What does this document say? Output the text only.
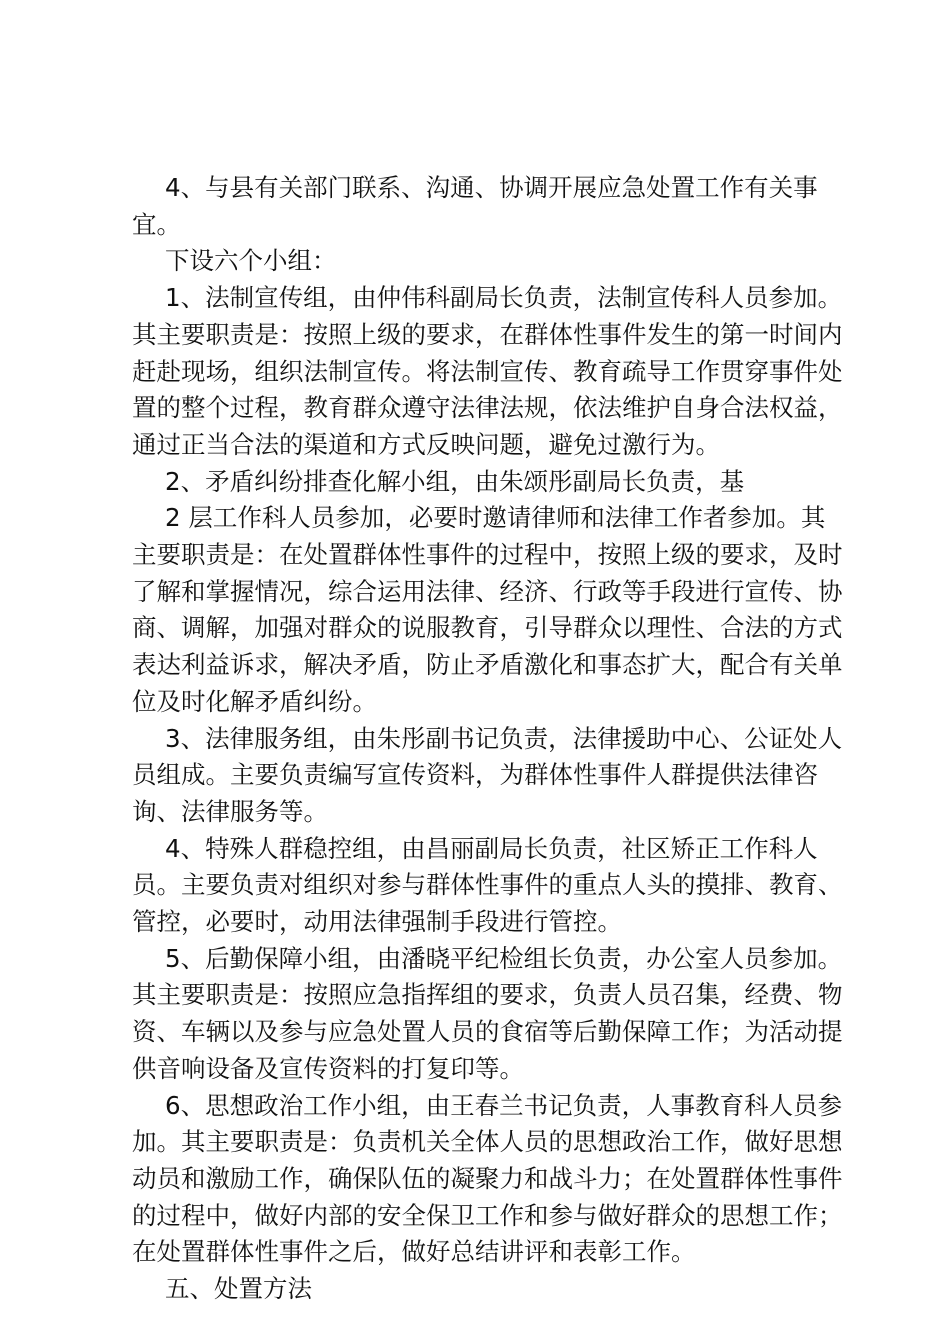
4、与县有关部门联系、沟通、协调开展应急处置工作有关事宜。

下设六个小组：

1、法制宣传组，由仲伟科副局长负责，法制宣传科人员参加。其主要职责是：按照上级的要求，在群体性事件发生的第一时间内赶赴现场，组织法制宣传。将法制宣传、教育疏导工作贯穿事件处置的整个过程，教育群众遵守法律法规，依法维护自身合法权益，通过正当合法的渠道和方式反映问题，避免过激行为。

2、矛盾纠纷排查化解小组，由朱颂彤副局长负责，基

2 层工作科人员参加，必要时邀请律师和法律工作者参加。其主要职责是：在处置群体性事件的过程中，按照上级的要求，及时了解和掌握情况，综合运用法律、经济、行政等手段进行宣传、协商、调解，加强对群众的说服教育，引导群众以理性、合法的方式表达利益诉求，解决矛盾，防止矛盾激化和事态扩大，配合有关单位及时化解矛盾纠纷。

3、法律服务组，由朱彤副书记负责，法律援助中心、公证处人员组成。主要负责编写宣传资料，为群体性事件人群提供法律咨询、法律服务等。

4、特殊人群稳控组，由昌丽副局长负责，社区矫正工作科人员。主要负责对组织对参与群体性事件的重点人头的摸排、教育、管控，必要时，动用法律强制手段进行管控。

5、后勤保障小组，由潘晓平纪检组长负责，办公室人员参加。其主要职责是：按照应急指挥组的要求，负责人员召集，经费、物资、车辆以及参与应急处置人员的食宿等后勤保障工作；为活动提供音响设备及宣传资料的打复印等。

6、思想政治工作小组，由王春兰书记负责，人事教育科人员参加。其主要职责是：负责机关全体人员的思想政治工作，做好思想动员和激励工作，确保队伍的凝聚力和战斗力；在处置群体性事件的过程中，做好内部的安全保卫工作和参与做好群众的思想工作；在处置群体性事件之后，做好总结讲评和表彰工作。

五、处置方法
